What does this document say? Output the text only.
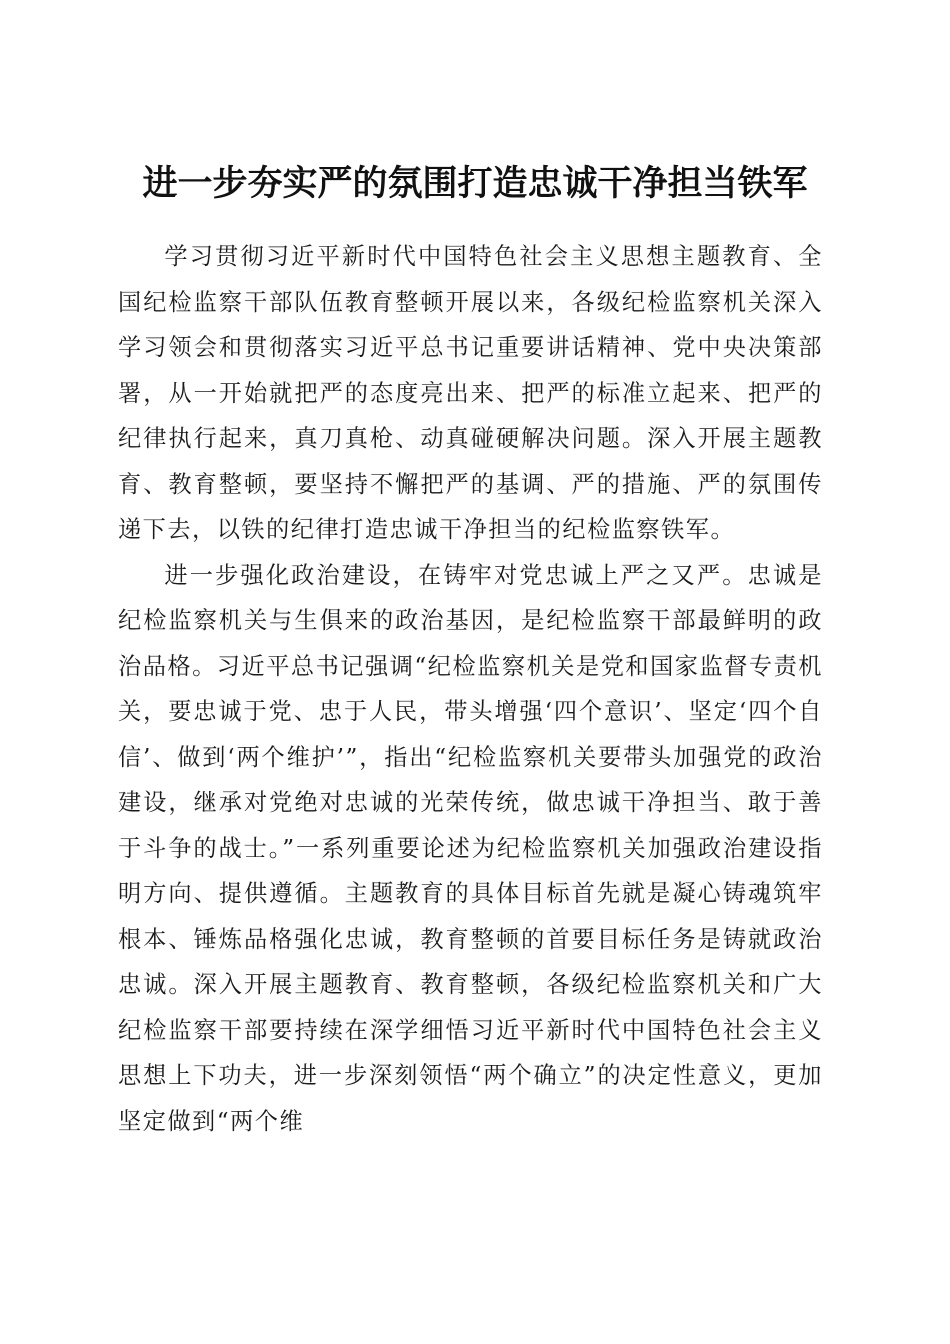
进一步夯实严的氛围打造忠诚干净担当铁军

学习贯彻习近平新时代中国特色社会主义思想主题教育、全国纪检监察干部队伍教育整顿开展以来，各级纪检监察机关深入学习领会和贯彻落实习近平总书记重要讲话精神、党中央决策部署，从一开始就把严的态度亮出来、把严的标准立起来、把严的纪律执行起来，真刀真枪、动真碰硬解决问题。深入开展主题教育、教育整顿，要坚持不懈把严的基调、严的措施、严的氛围传递下去，以铁的纪律打造忠诚干净担当的纪检监察铁军。

进一步强化政治建设，在铸牢对党忠诚上严之又严。忠诚是纪检监察机关与生俱来的政治基因，是纪检监察干部最鲜明的政治品格。习近平总书记强调“纪检监察机关是党和国家监督专责机关，要忠诚于党、忠于人民，带头增强‘四个意识’、坚定‘四个自信’、做到‘两个维护’”，指出“纪检监察机关要带头加强党的政治建设，继承对党绝对忠诚的光荣传统，做忠诚干净担当、敢于善于斗争的战士。”一系列重要论述为纪检监察机关加强政治建设指明方向、提供遵循。主题教育的具体目标首先就是凝心铸魂筑牢根本、锤炼品格强化忠诚，教育整顿的首要目标任务是铸就政治忠诚。深入开展主题教育、教育整顿，各级纪检监察机关和广大纪检监察干部要持续在深学细悟习近平新时代中国特色社会主义思想上下功夫，进一步深刻领悟“两个确立”的决定性意义，更加坚定做到“两个维
